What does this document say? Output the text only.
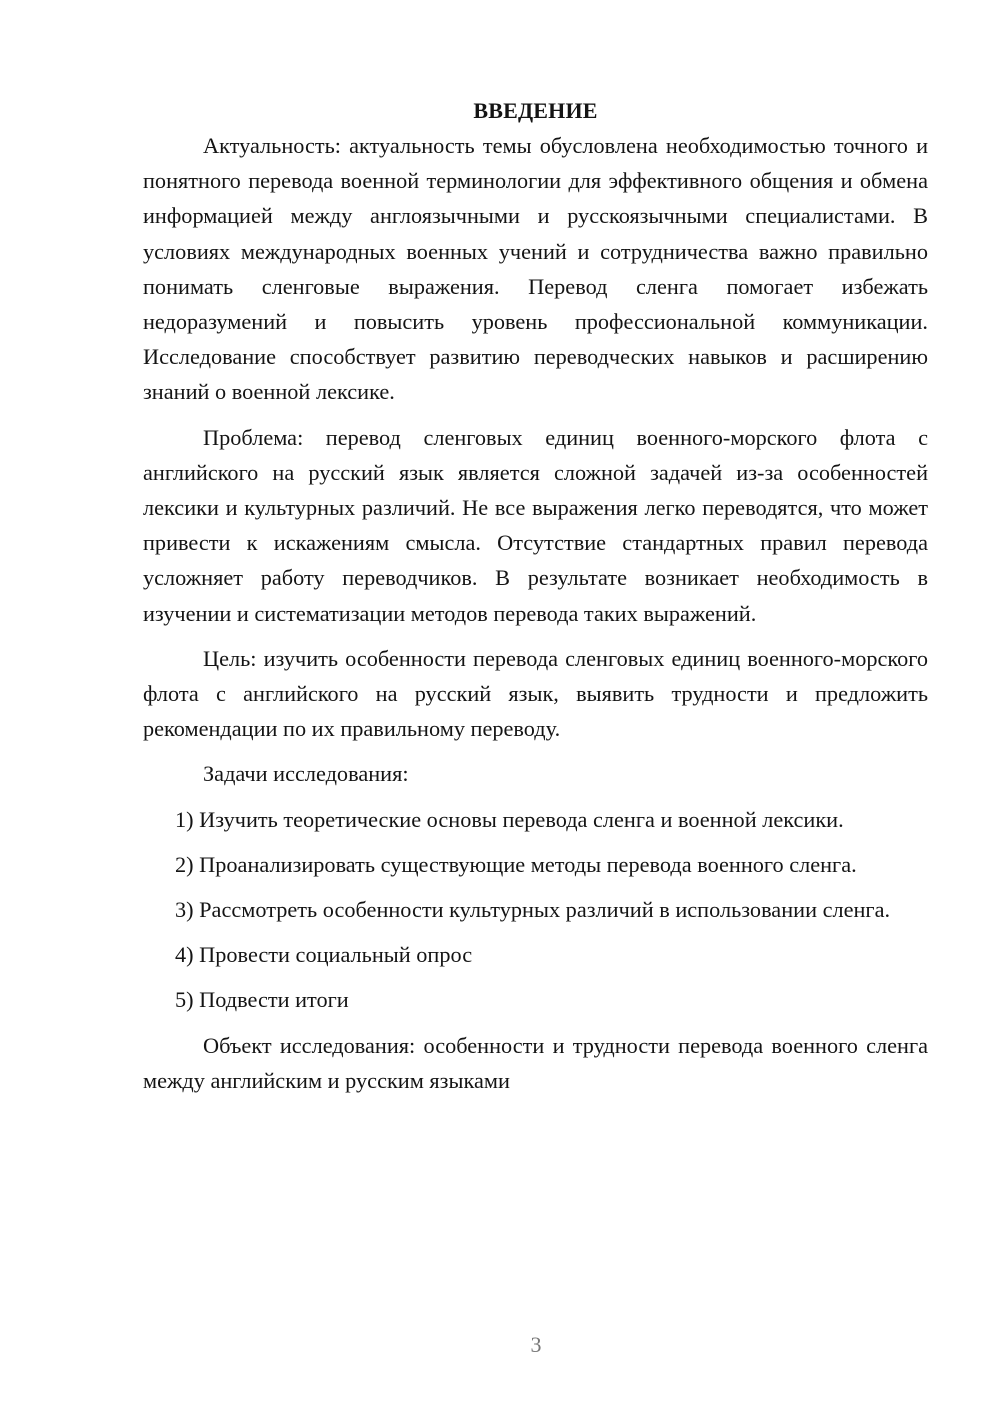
ВВЕДЕНИЕ

Актуальность: актуальность темы обусловлена необходимостью точного и понятного перевода военной терминологии для эффективного общения и обмена информацией между англоязычными и русскоязычными специалистами. В условиях международных военных учений и сотрудничества важно правильно понимать сленговые выражения. Перевод сленга помогает избежать недоразумений и повысить уровень профессиональной коммуникации. Исследование способствует развитию переводческих навыков и расширению знаний о военной лексике.

Проблема: перевод сленговых единиц военного-морского флота с английского на русский язык является сложной задачей из-за особенностей лексики и культурных различий. Не все выражения легко переводятся, что может привести к искажениям смысла. Отсутствие стандартных правил перевода усложняет работу переводчиков. В результате возникает необходимость в изучении и систематизации методов перевода таких выражений.

Цель: изучить особенности перевода сленговых единиц военного-морского флота с английского на русский язык, выявить трудности и предложить рекомендации по их правильному переводу.

Задачи исследования:

1) Изучить теоретические основы перевода сленга и военной лексики.

2) Проанализировать существующие методы перевода военного сленга.

3) Рассмотреть особенности культурных различий в использовании сленга.

4) Провести социальный опрос

5) Подвести итоги

Объект исследования: особенности и трудности перевода военного сленга между английским и русским языками

3
